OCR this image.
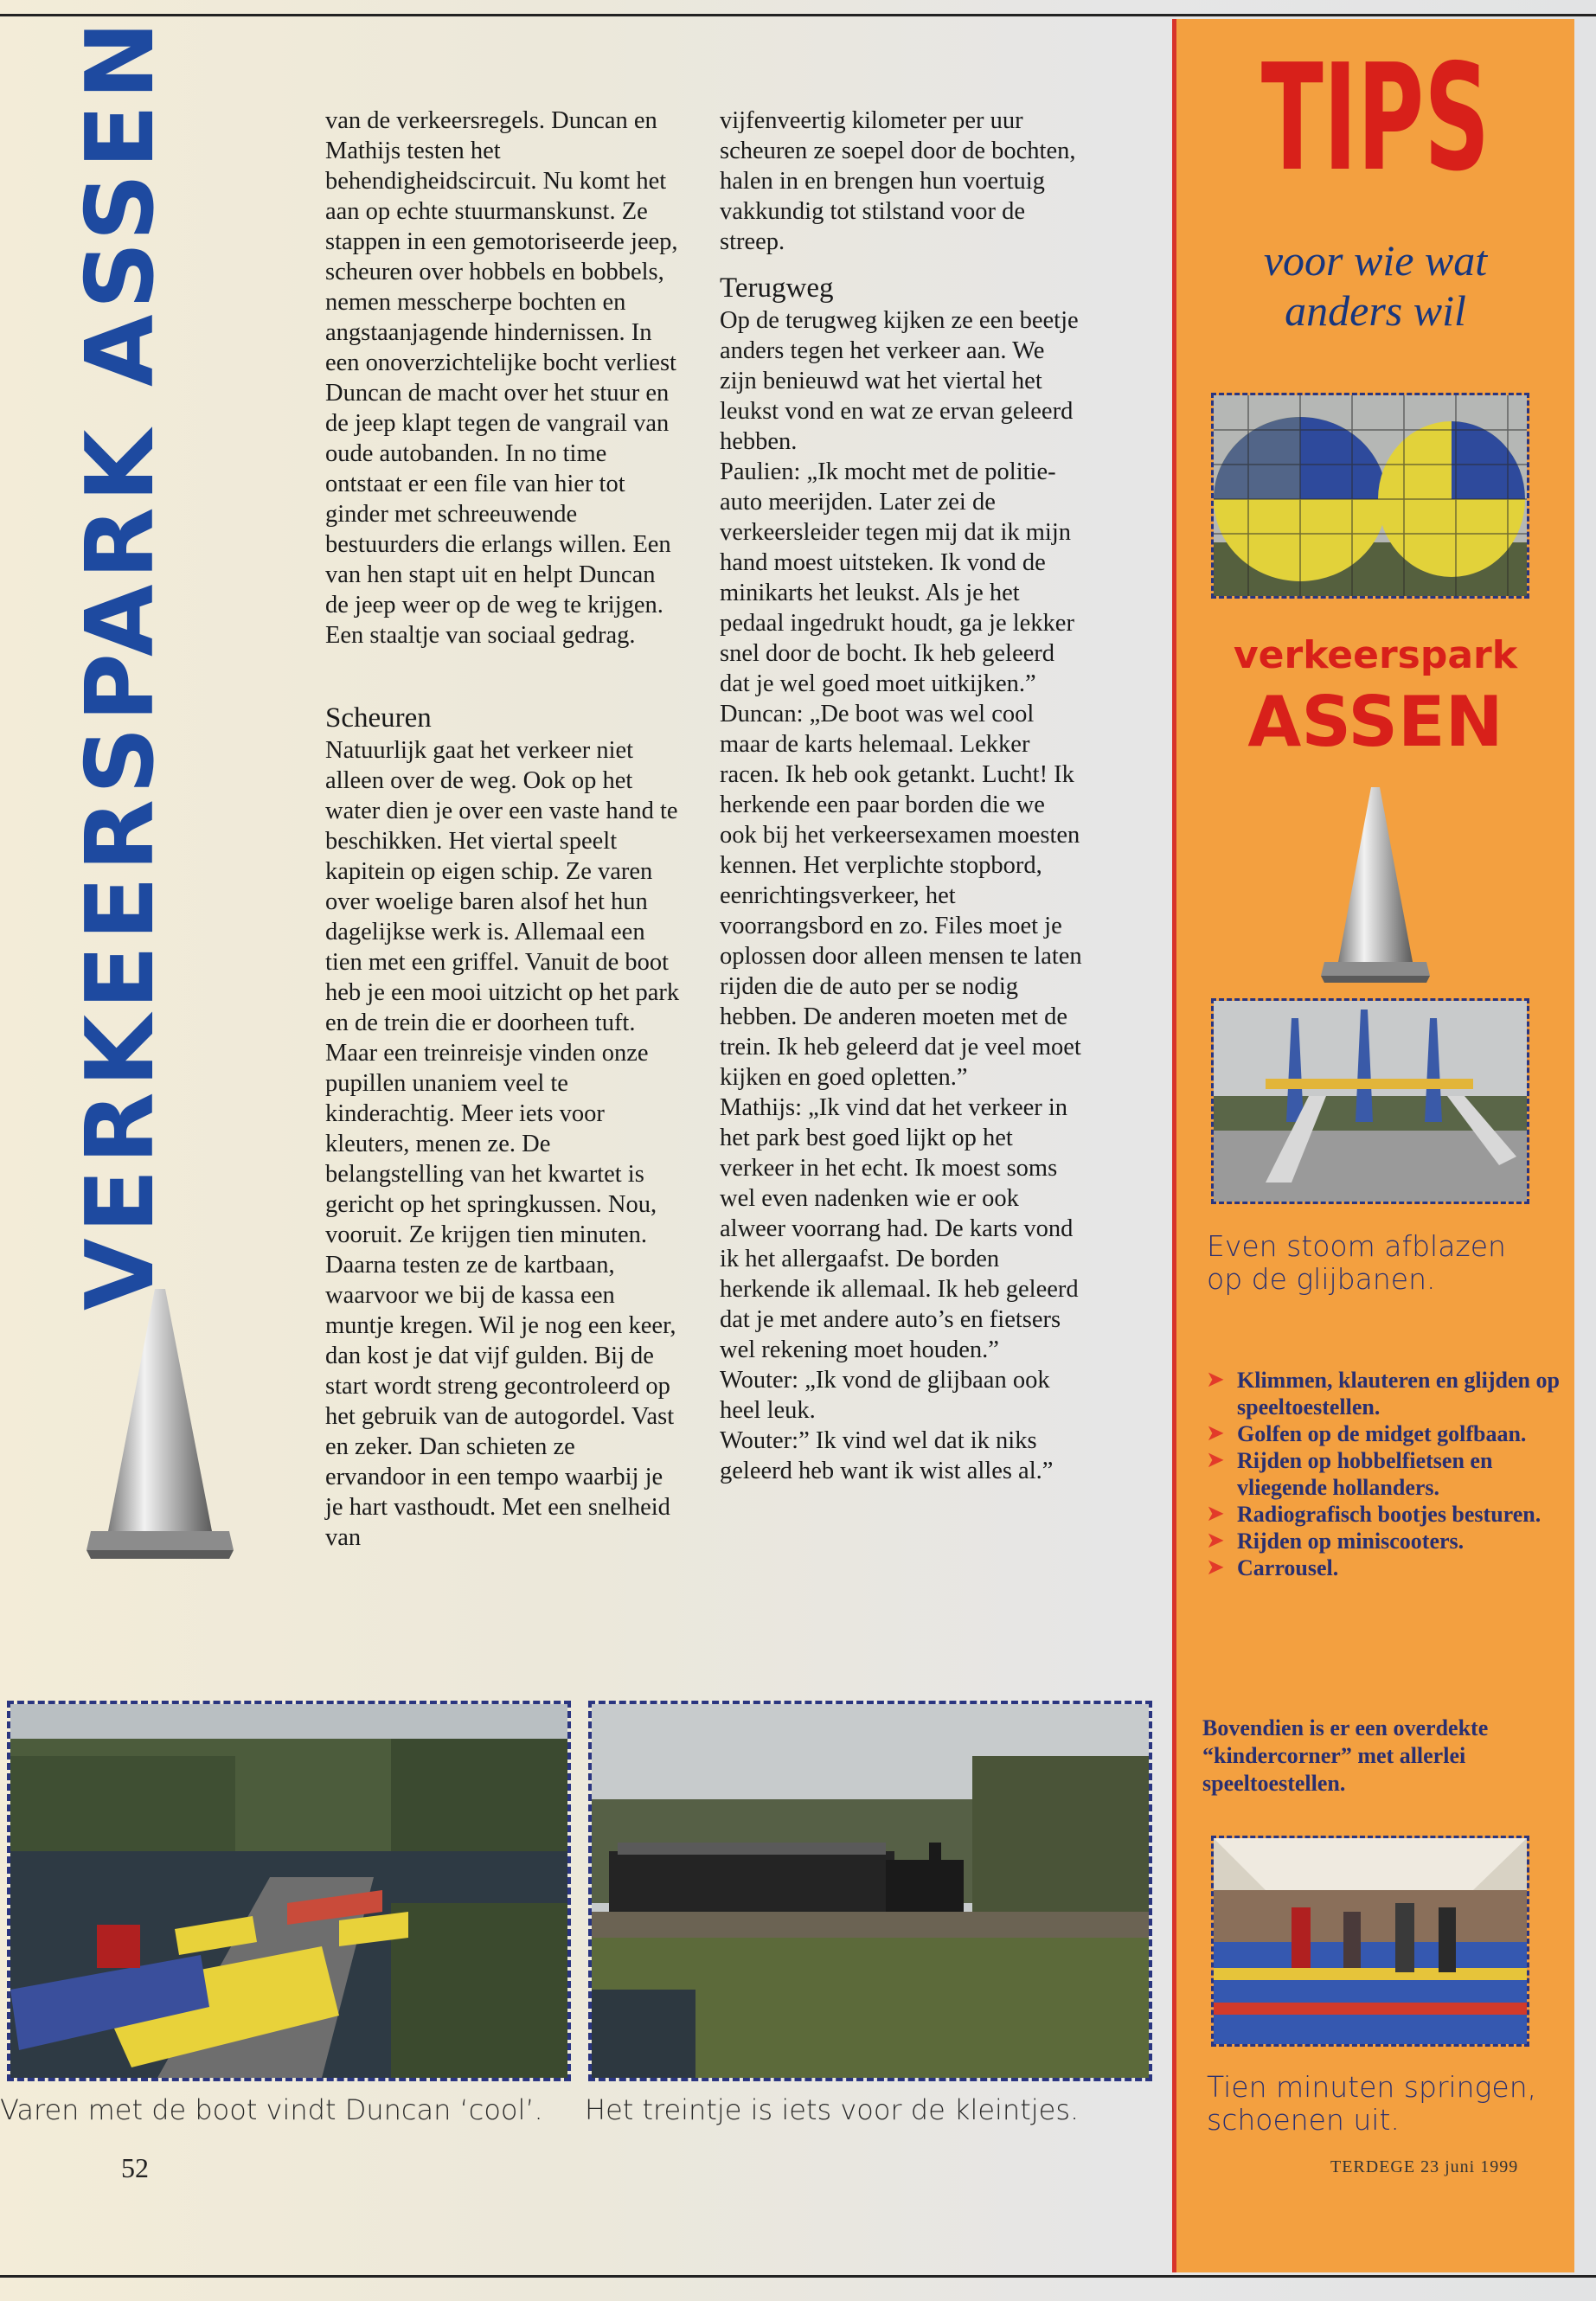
VERKEERSPARK ASSEN	van de verkeersregels. Duncan en Mathijs testen het behendigheidscircuit. Nu komt het aan op echte stuurmanskunst. Ze stappen in een gemotoriseerde jeep, scheuren over hobbels en bobbels, nemen messcherpe bochten en angstaanjagende hindernissen. In een onoverzichtelijke bocht verliest Duncan de macht over het stuur en de jeep klapt tegen de vangrail van oude autobanden. In no time ontstaat er een file van hier tot ginder met schreeuwende bestuurders die erlangs willen. Een van hen stapt uit en helpt Duncan de jeep weer op de weg te krijgen. Een staaltje van sociaal gedrag.

Scheuren

Natuurlijk gaat het verkeer niet alleen over de weg. Ook op het water dien je over een vaste hand te beschikken. Het viertal speelt kapitein op eigen schip. Ze varen over woelige baren alsof het hun dagelijkse werk is. Allemaal een tien met een griffel. Vanuit de boot heb je een mooi uitzicht op het park en de trein die er doorheen tuft. Maar een treinreisje vinden onze pupillen unaniem veel te kinderachtig. Meer iets voor kleuters, menen ze. De belangstelling van het kwartet is gericht op het springkussen. Nou, vooruit. Ze krijgen tien minuten. Daarna testen ze de kartbaan, waarvoor we bij de kassa een muntje kregen. Wil je nog een keer, dan kost je dat vijf gulden. Bij de start wordt streng gecontroleerd op het gebruik van de autogordel. Vast en zeker. Dan schieten ze ervandoor in een tempo waarbij je je hart vasthoudt. Met een snelheid van

vijfenveertig kilometer per uur scheuren ze soepel door de bochten, halen in en brengen hun voertuig vakkundig tot stilstand voor de streep.

Terugweg

Op de terugweg kijken ze een beetje anders tegen het verkeer aan. We zijn benieuwd wat het viertal het leukst vond en wat ze ervan geleerd hebben.

Paulien: „Ik mocht met de politie-auto meerijden. Later zei de verkeersleider tegen mij dat ik mijn hand moest uitsteken. Ik vond de minikarts het leukst. Als je het pedaal ingedrukt houdt, ga je lekker snel door de bocht. Ik heb geleerd dat je wel goed moet uitkijken.”

Duncan: „De boot was wel cool maar de karts helemaal. Lekker racen. Ik heb ook getankt. Lucht! Ik herkende een paar borden die we ook bij het verkeersexamen moesten kennen. Het verplichte stopbord, eenrichtingsverkeer, het voorrangsbord en zo. Files moet je oplossen door alleen mensen te laten rijden die de auto per se nodig hebben. De anderen moeten met de trein. Ik heb geleerd dat je veel moet kijken en goed opletten.”

Mathijs: „Ik vind dat het verkeer in het park best goed lijkt op het verkeer in het echt. Ik moest soms wel even nadenken wie er ook alweer voorrang had. De karts vond ik het allergaafst. De borden herkende ik allemaal. Ik heb geleerd dat je met andere auto’s en fietsers wel rekening moet houden.”

Wouter: „Ik vond de glijbaan ook heel leuk.

Wouter:” Ik vind wel dat ik niks geleerd heb want ik wist alles al.”

Varen met de boot vindt Duncan ‘cool’. Het treintje is iets voor de kleintjes.
52
TIPS
voor wie wat
anders wil
verkeerspark
ASSEN
Even stoom afblazen
op de glijbanen.
➤ Klimmen, klauteren en glijden op speeltoestellen.
➤ Golfen op de midget golfbaan.
➤ Rijden op hobbelfietsen en vliegende hollanders.
➤ Radiografisch bootjes besturen.
➤ Rijden op miniscooters.
➤ Carrousel.
Bovendien is er een overdekte “kindercorner” met allerlei speeltoestellen.
Tien minuten springen,
schoenen uit.
TERDEGE 23 juni 1999
